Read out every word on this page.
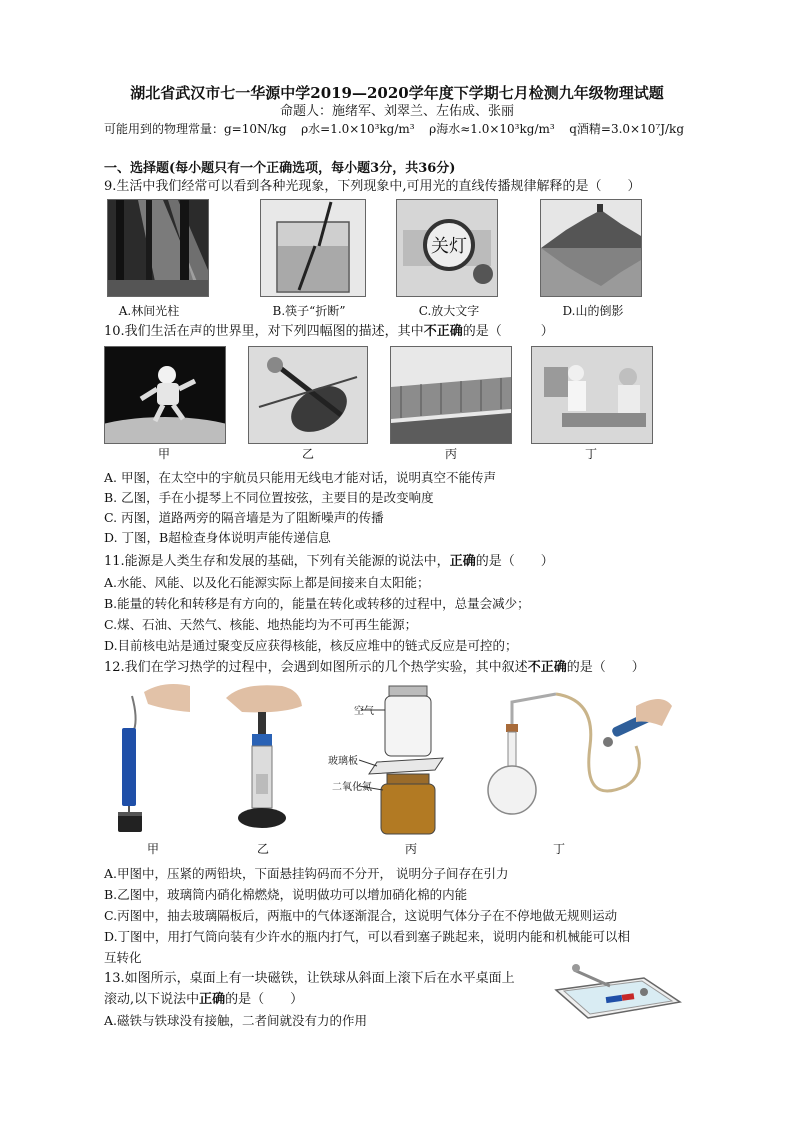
湖北省武汉市七一华源中学2019—2020学年度下学期七月检测九年级物理试题
命题人：施绪军、刘翠兰、左佑成、张丽
可能用到的物理常量：g=10N/kg ρ水=1.0×10³kg/m³ ρ海水≈1.0×10³kg/m³ q酒精=3.0×10⁷J/kg
一、选择题(每小题只有一个正确选项，每小题3分，共36分)
9.生活中我们经常可以看到各种光现象，下列现象中,可用光的直线传播规律解释的是（　　）
关灯
A.林间光柱	B.筷子“折断”	C.放大文字	D.山的倒影
10.我们生活在声的世界里，对下列四幅图的描述，其中不正确的是（　　　）
甲	乙	丙	丁
A. 甲图，在太空中的宇航员只能用无线电才能对话，说明真空不能传声
B. 乙图，手在小提琴上不同位置按弦，主要目的是改变响度
C. 丙图，道路两旁的隔音墙是为了阻断噪声的传播
D. 丁图，B超检查身体说明声能传递信息
11.能源是人类生存和发展的基础，下列有关能源的说法中，正确的是（　　）
A.水能、风能、以及化石能源实际上都是间接来自太阳能；
B.能量的转化和转移是有方向的，能量在转化或转移的过程中，总量会减少；
C.煤、石油、天然气、核能、地热能均为不可再生能源；
D.目前核电站是通过聚变反应获得核能，核反应堆中的链式反应是可控的；
12.我们在学习热学的过程中，会遇到如图所示的几个热学实验，其中叙述不正确的是（　　）
空气
玻璃板
二氧化氮
甲	乙	丙	丁
A.甲图中，压紧的两铅块，下面悬挂钩码而不分开， 说明分子间存在引力
B.乙图中，玻璃筒内硝化棉燃烧，说明做功可以增加硝化棉的内能
C.丙图中，抽去玻璃隔板后，两瓶中的气体逐渐混合，这说明气体分子在不停地做无规则运动
D.丁图中，用打气筒向装有少许水的瓶内打气，可以看到塞子跳起来，说明内能和机械能可以相
互转化
13.如图所示，桌面上有一块磁铁，让铁球从斜面上滚下后在水平桌面上
滚动,以下说法中正确的是（　　）
A.磁铁与铁球没有接触，二者间就没有力的作用
